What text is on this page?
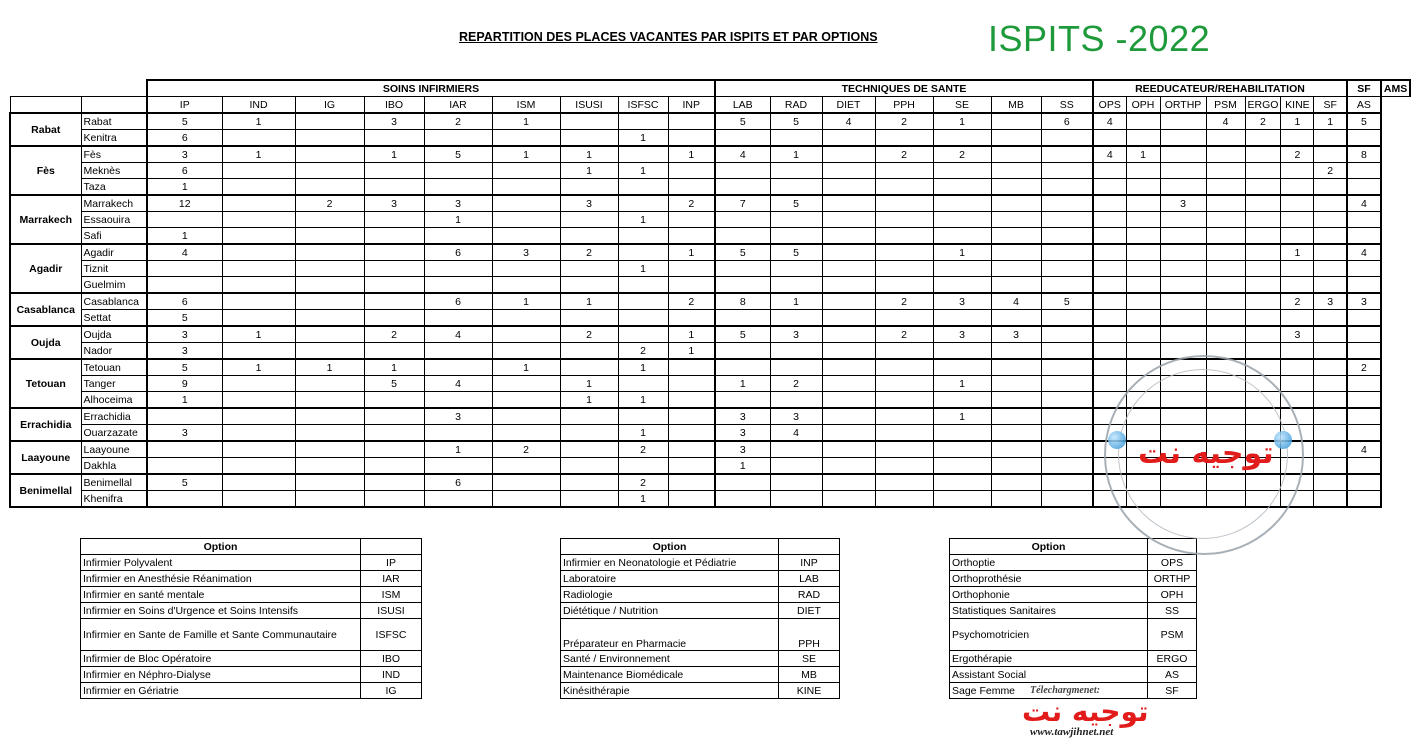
REPARTITION DES PLACES VACANTES PAR ISPITS ET PAR OPTIONS	ISPITS -2022
		SOINS INFIRMIERS									TECHNIQUES DE SANTE							REEDUCATEUR/REHABILITATION							SF	AMS
		IP	IND	IG	IBO	IAR	ISM	ISUSI	ISFSC	INP	LAB	RAD	DIET	PPH	SE	MB	SS	OPS	OPH	ORTHP	PSM	ERGO	KINE	SF	AS	
Rabat	Rabat	5	1		3	2	1				5	5	4	2	1		6	4			4	2	1	1	5	
	Kenitra	6							1																	
Fès	Fès	3	1		1	5	1	1		1	4	1		2	2			4	1				2		8	
	Meknès	6						1	1															2		
	Taza	1																								
Marrakech	Marrakech	12		2	3	3		3		2	7	5								3					4	
	Essaouira					1			1																	
	Safi	1																								
Agadir	Agadir	4				6	3	2		1	5	5			1								1		4	
	Tiznit								1																	
	Guelmim																									
Casablanca	Casablanca	6				6	1	1		2	8	1		2	3	4	5						2	3	3	
	Settat	5																								
Oujda	Oujda	3	1		2	4		2		1	5	3		2	3	3							3			
	Nador	3							2	1																
Tetouan	Tetouan	5	1	1	1		1		1																2	
	Tanger	9			5	4		1			1	2			1											
	Alhoceima	1						1	1																	
Errachidia	Errachidia					3					3	3			1											
	Ouarzazate	3							1		3	4														
Laayoune	Laayoune					1	2		2		3														4	
	Dakhla										1															
Benimellal	Benimellal	5				6			2																	
	Khenifra								1																	
Option	
Infirmier Polyvalent	IP
Infirmier en Anesthésie Réanimation	IAR
Infirmier en santé mentale	ISM
Infirmier en Soins d'Urgence et Soins Intensifs	ISUSI
Infirmier en Sante de Famille et Sante Communautaire	ISFSC
Infirmier de Bloc Opératoire	IBO
Infirmier en Néphro-Dialyse	IND
Infirmier en Gériatrie	IG
Option	
Infirmier en Neonatologie et Pédiatrie	INP
Laboratoire	LAB
Radiologie	RAD
Diététique / Nutrition	DIET
Préparateur en Pharmacie	PPH
Santé / Environnement	SE
Maintenance Biomédicale	MB
Kinésithérapie	KINE
Option	
Orthoptie	OPS
Orthoprothésie	ORTHP
Orthophonie	OPH
Statistiques Sanitaires	SS
Psychomotricien	PSM
Ergothérapie	ERGO
Assistant Social	AS
Sage Femme	SF
توجيه نت
Télechargmenet:
توجيه نت
www.tawjihnet.net
